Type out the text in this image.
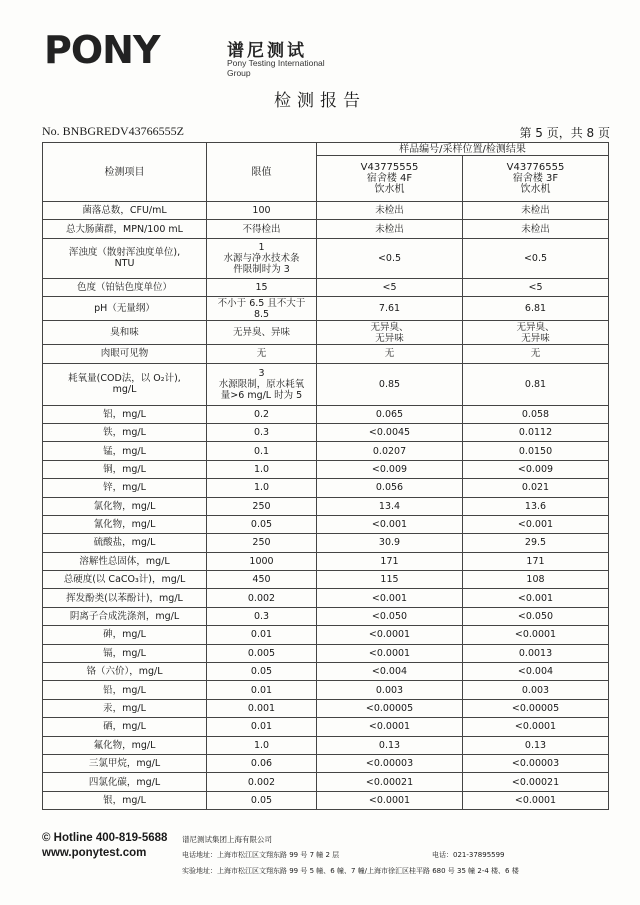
PONY	谱尼测试
Pony Testing International Group
检测报告
No. BNBGREDV43766555Z	第 5 页，共 8 页
检测项目	限值	样品编号/采样位置/检测结果	
		V43775555
宿舍楼 4F
饮水机	V43776555
宿舍楼 3F
饮水机
菌落总数，CFU/mL	100	未检出	未检出
总大肠菌群，MPN/100 mL	不得检出	未检出	未检出
浑浊度（散射浑浊度单位),
NTU	1
水源与净水技术条
件限制时为 3	<0.5	<0.5
色度（铂钴色度单位）	15	<5	<5
pH（无量纲）	不小于 6.5 且不大于
8.5	7.61	6.81
臭和味	无异臭、异味	无异臭、
无异味	无异臭、
无异味
肉眼可见物	无	无	无
耗氧量(COD法，以 O₂计),
mg/L	3
水源限制，原水耗氧
量>6 mg/L 时为 5	0.85	0.81
铝，mg/L	0.2	0.065	0.058
铁，mg/L	0.3	<0.0045	0.0112
锰，mg/L	0.1	0.0207	0.0150
铜，mg/L	1.0	<0.009	<0.009
锌，mg/L	1.0	0.056	0.021
氯化物，mg/L	250	13.4	13.6
氰化物，mg/L	0.05	<0.001	<0.001
硫酸盐，mg/L	250	30.9	29.5
溶解性总固体，mg/L	1000	171	171
总硬度(以 CaCO₃计)，mg/L	450	115	108
挥发酚类(以苯酚计)，mg/L	0.002	<0.001	<0.001
阴离子合成洗涤剂，mg/L	0.3	<0.050	<0.050
砷，mg/L	0.01	<0.0001	<0.0001
镉，mg/L	0.005	<0.0001	0.0013
铬（六价），mg/L	0.05	<0.004	<0.004
铅，mg/L	0.01	0.003	0.003
汞，mg/L	0.001	<0.00005	<0.00005
硒，mg/L	0.01	<0.0001	<0.0001
氟化物，mg/L	1.0	0.13	0.13
三氯甲烷，mg/L	0.06	<0.00003	<0.00003
四氯化碳，mg/L	0.002	<0.00021	<0.00021
银，mg/L	0.05	<0.0001	<0.0001
© Hotline 400-819-5688
www.ponytest.com
谱尼测试集团上海有限公司
电话地址：上海市松江区文翔东路 99 号 7 幢 2 层	电话：021-37895599
实验地址：上海市松江区文翔东路 99 号 5 幢、6 幢、7 幢/上海市徐汇区桂平路 680 号 35 幢 2-4 楼、6 楼
